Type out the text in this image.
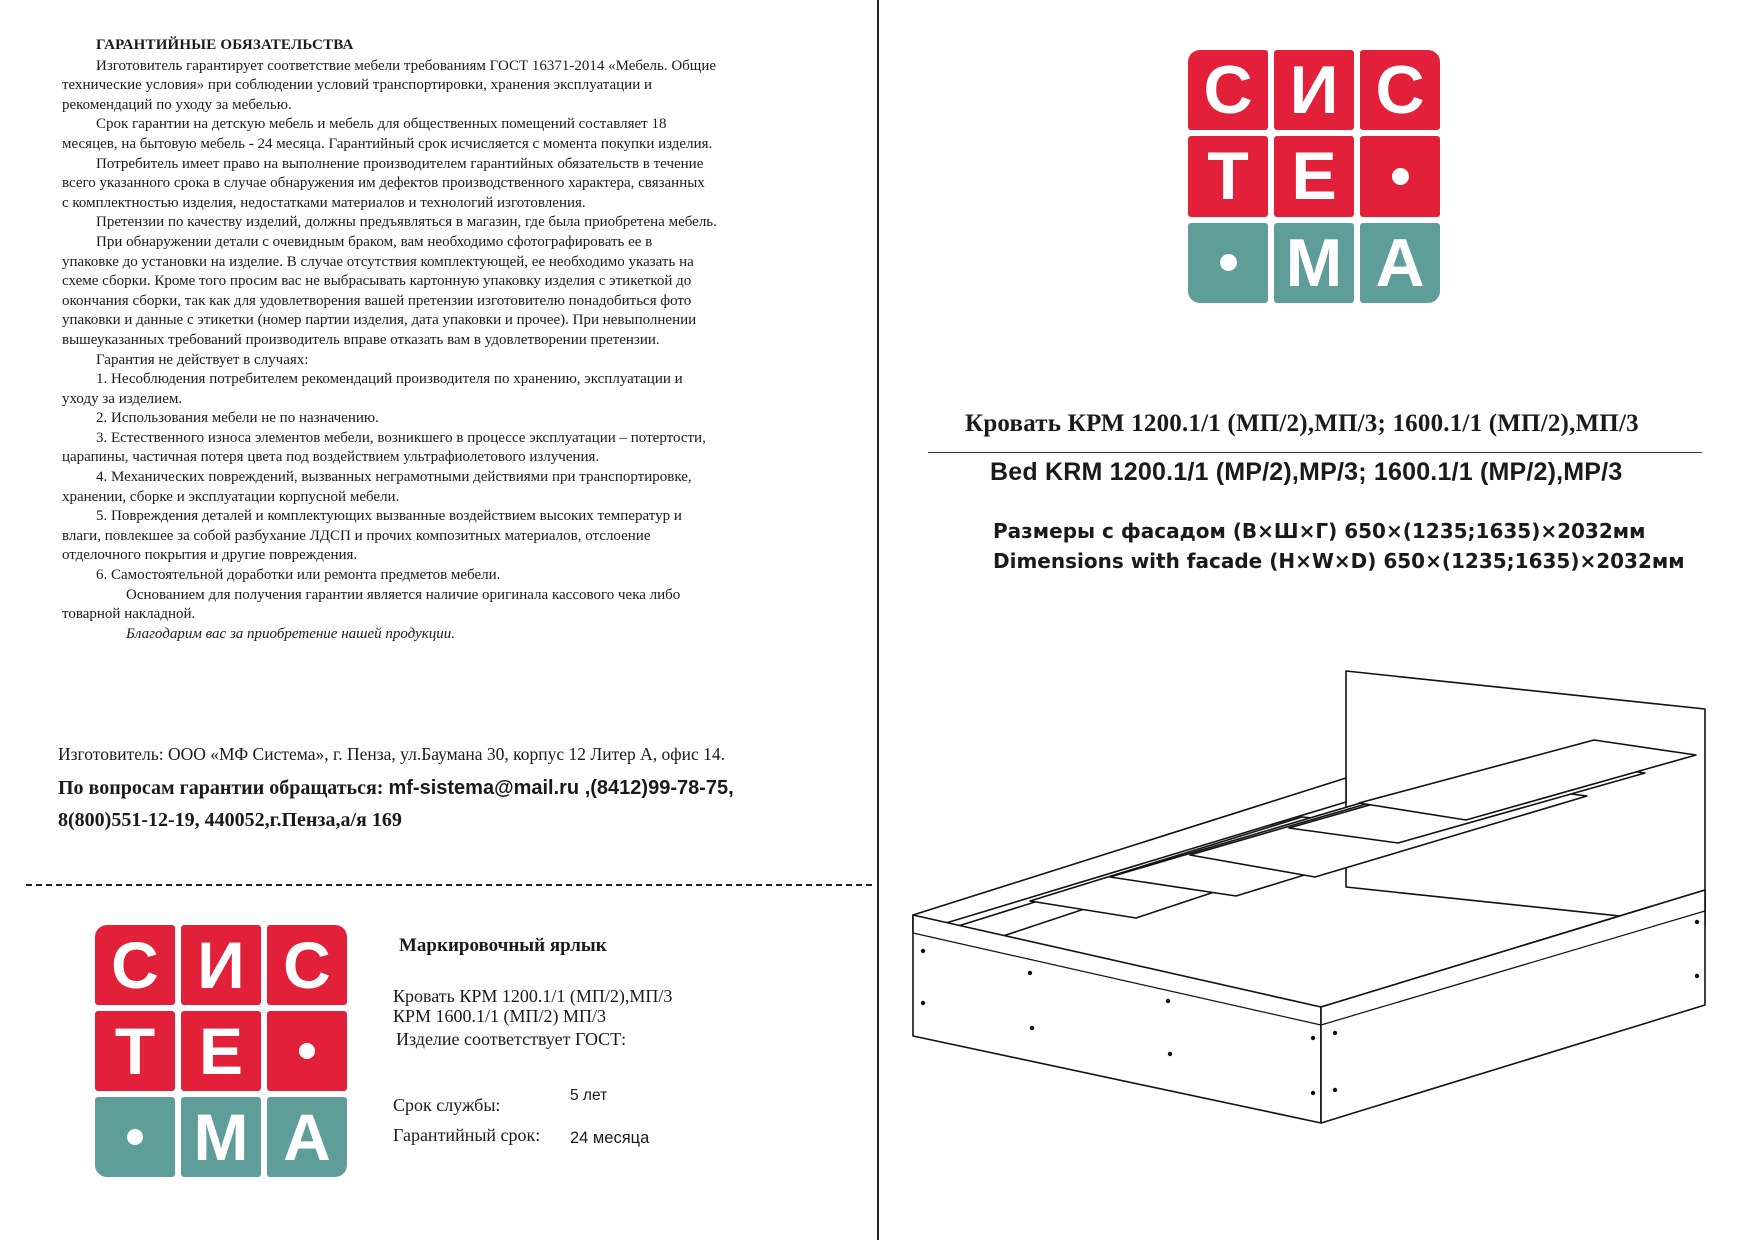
ГАРАНТИЙНЫЕ ОБЯЗАТЕЛЬСТВА

Изготовитель гарантирует соответствие мебели требованиям ГОСТ 16371-2014 «Мебель. Общие

технические условия» при соблюдении условий транспортировки, хранения эксплуатации и

рекомендаций по уходу за мебелью.

Срок гарантии на детскую мебель и мебель для общественных помещений составляет 18

месяцев, на бытовую мебель - 24 месяца. Гарантийный срок исчисляется с момента покупки изделия.

Потребитель имеет право на выполнение производителем гарантийных обязательств в течение

всего указанного срока в случае обнаружения им дефектов производственного характера, связанных

с комплектностью изделия, недостатками материалов и технологий изготовления.

Претензии по качеству изделий, должны предъявляться в магазин, где была приобретена мебель.

При обнаружении детали с очевидным браком, вам необходимо сфотографировать ее в

упаковке до установки на изделие. В случае отсутствия комплектующей, ее необходимо указать на

схеме сборки. Кроме того просим вас не выбрасывать картонную упаковку изделия с этикеткой до

окончания сборки, так как для удовлетворения вашей претензии изготовителю понадобиться фото

упаковки и данные с этикетки (номер партии изделия, дата упаковки и прочее). При невыполнении

вышеуказанных требований производитель вправе отказать вам в удовлетворении претензии.

Гарантия не действует в случаях:

1. Несоблюдения потребителем рекомендаций производителя по хранению, эксплуатации и

уходу за изделием.

2. Использования мебели не по назначению.

3. Естественного износа элементов мебели, возникшего в процессе эксплуатации – потертости,

царапины, частичная потеря цвета под воздействием ультрафиолетового излучения.

4. Механических повреждений, вызванных неграмотными действиями при транспортировке,

хранении, сборке и эксплуатации корпусной мебели.

5. Повреждения деталей и комплектующих вызванные воздействием высоких температур и

влаги, повлекшее за собой разбухание ЛДСП и прочих композитных материалов, отслоение

отделочного покрытия и другие повреждения.

6. Самостоятельной доработки или ремонта предметов мебели.

Основанием для получения гарантии является наличие оригинала кассового чека либо

товарной накладной.

Благодарим вас за приобретение нашей продукции.

Изготовитель: ООО «МФ Система», г. Пенза, ул.Баумана 30, корпус 12 Литер А, офис 14.
По вопросам гарантии обращаться: mf-sistema@mail.ru ,(8412)99-78-75,
8(800)551-12-19, 440052,г.Пенза,а/я 169
С И С
Т Е
М А
Маркировочный ярлык
Кровать КРМ 1200.1/1 (МП/2),МП/3
КРМ 1600.1/1 (МП/2) МП/3
Изделие соответствует ГОСТ:
Срок службы:	5 лет
Гарантийный срок: 24 месяца
С И С
Т Е
М А
Кровать КРМ 1200.1/1 (МП/2),МП/3; 1600.1/1 (МП/2),МП/3
Bed KRM 1200.1/1 (MP/2),MP/3; 1600.1/1 (MP/2),MP/3
Размеры с фасадом (В×Ш×Г) 650×(1235;1635)×2032мм
Dimensions with facade (H×W×D) 650×(1235;1635)×2032мм
